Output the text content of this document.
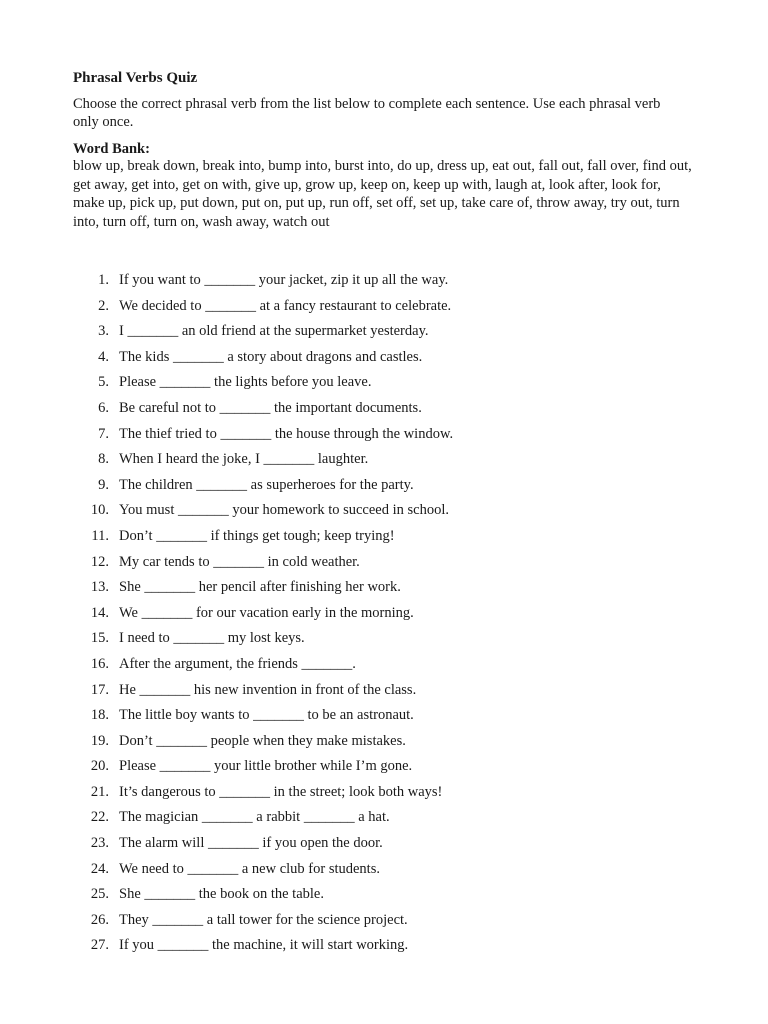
Phrasal Verbs Quiz
Choose the correct phrasal verb from the list below to complete each sentence. Use each phrasal verb only once.
Word Bank:
blow up, break down, break into, bump into, burst into, do up, dress up, eat out, fall out, fall over, find out, get away, get into, get on with, give up, grow up, keep on, keep up with, laugh at, look after, look for, make up, pick up, put down, put on, put up, run off, set off, set up, take care of, throw away, try out, turn into, turn off, turn on, wash away, watch out
1. If you want to _______ your jacket, zip it up all the way.
2. We decided to _______ at a fancy restaurant to celebrate.
3. I _______ an old friend at the supermarket yesterday.
4. The kids _______ a story about dragons and castles.
5. Please _______ the lights before you leave.
6. Be careful not to _______ the important documents.
7. The thief tried to _______ the house through the window.
8. When I heard the joke, I _______ laughter.
9. The children _______ as superheroes for the party.
10. You must _______ your homework to succeed in school.
11. Don’t _______ if things get tough; keep trying!
12. My car tends to _______ in cold weather.
13. She _______ her pencil after finishing her work.
14. We _______ for our vacation early in the morning.
15. I need to _______ my lost keys.
16. After the argument, the friends _______.
17. He _______ his new invention in front of the class.
18. The little boy wants to _______ to be an astronaut.
19. Don’t _______ people when they make mistakes.
20. Please _______ your little brother while I’m gone.
21. It’s dangerous to _______ in the street; look both ways!
22. The magician _______ a rabbit _______ a hat.
23. The alarm will _______ if you open the door.
24. We need to _______ a new club for students.
25. She _______ the book on the table.
26. They _______ a tall tower for the science project.
27. If you _______ the machine, it will start working.
